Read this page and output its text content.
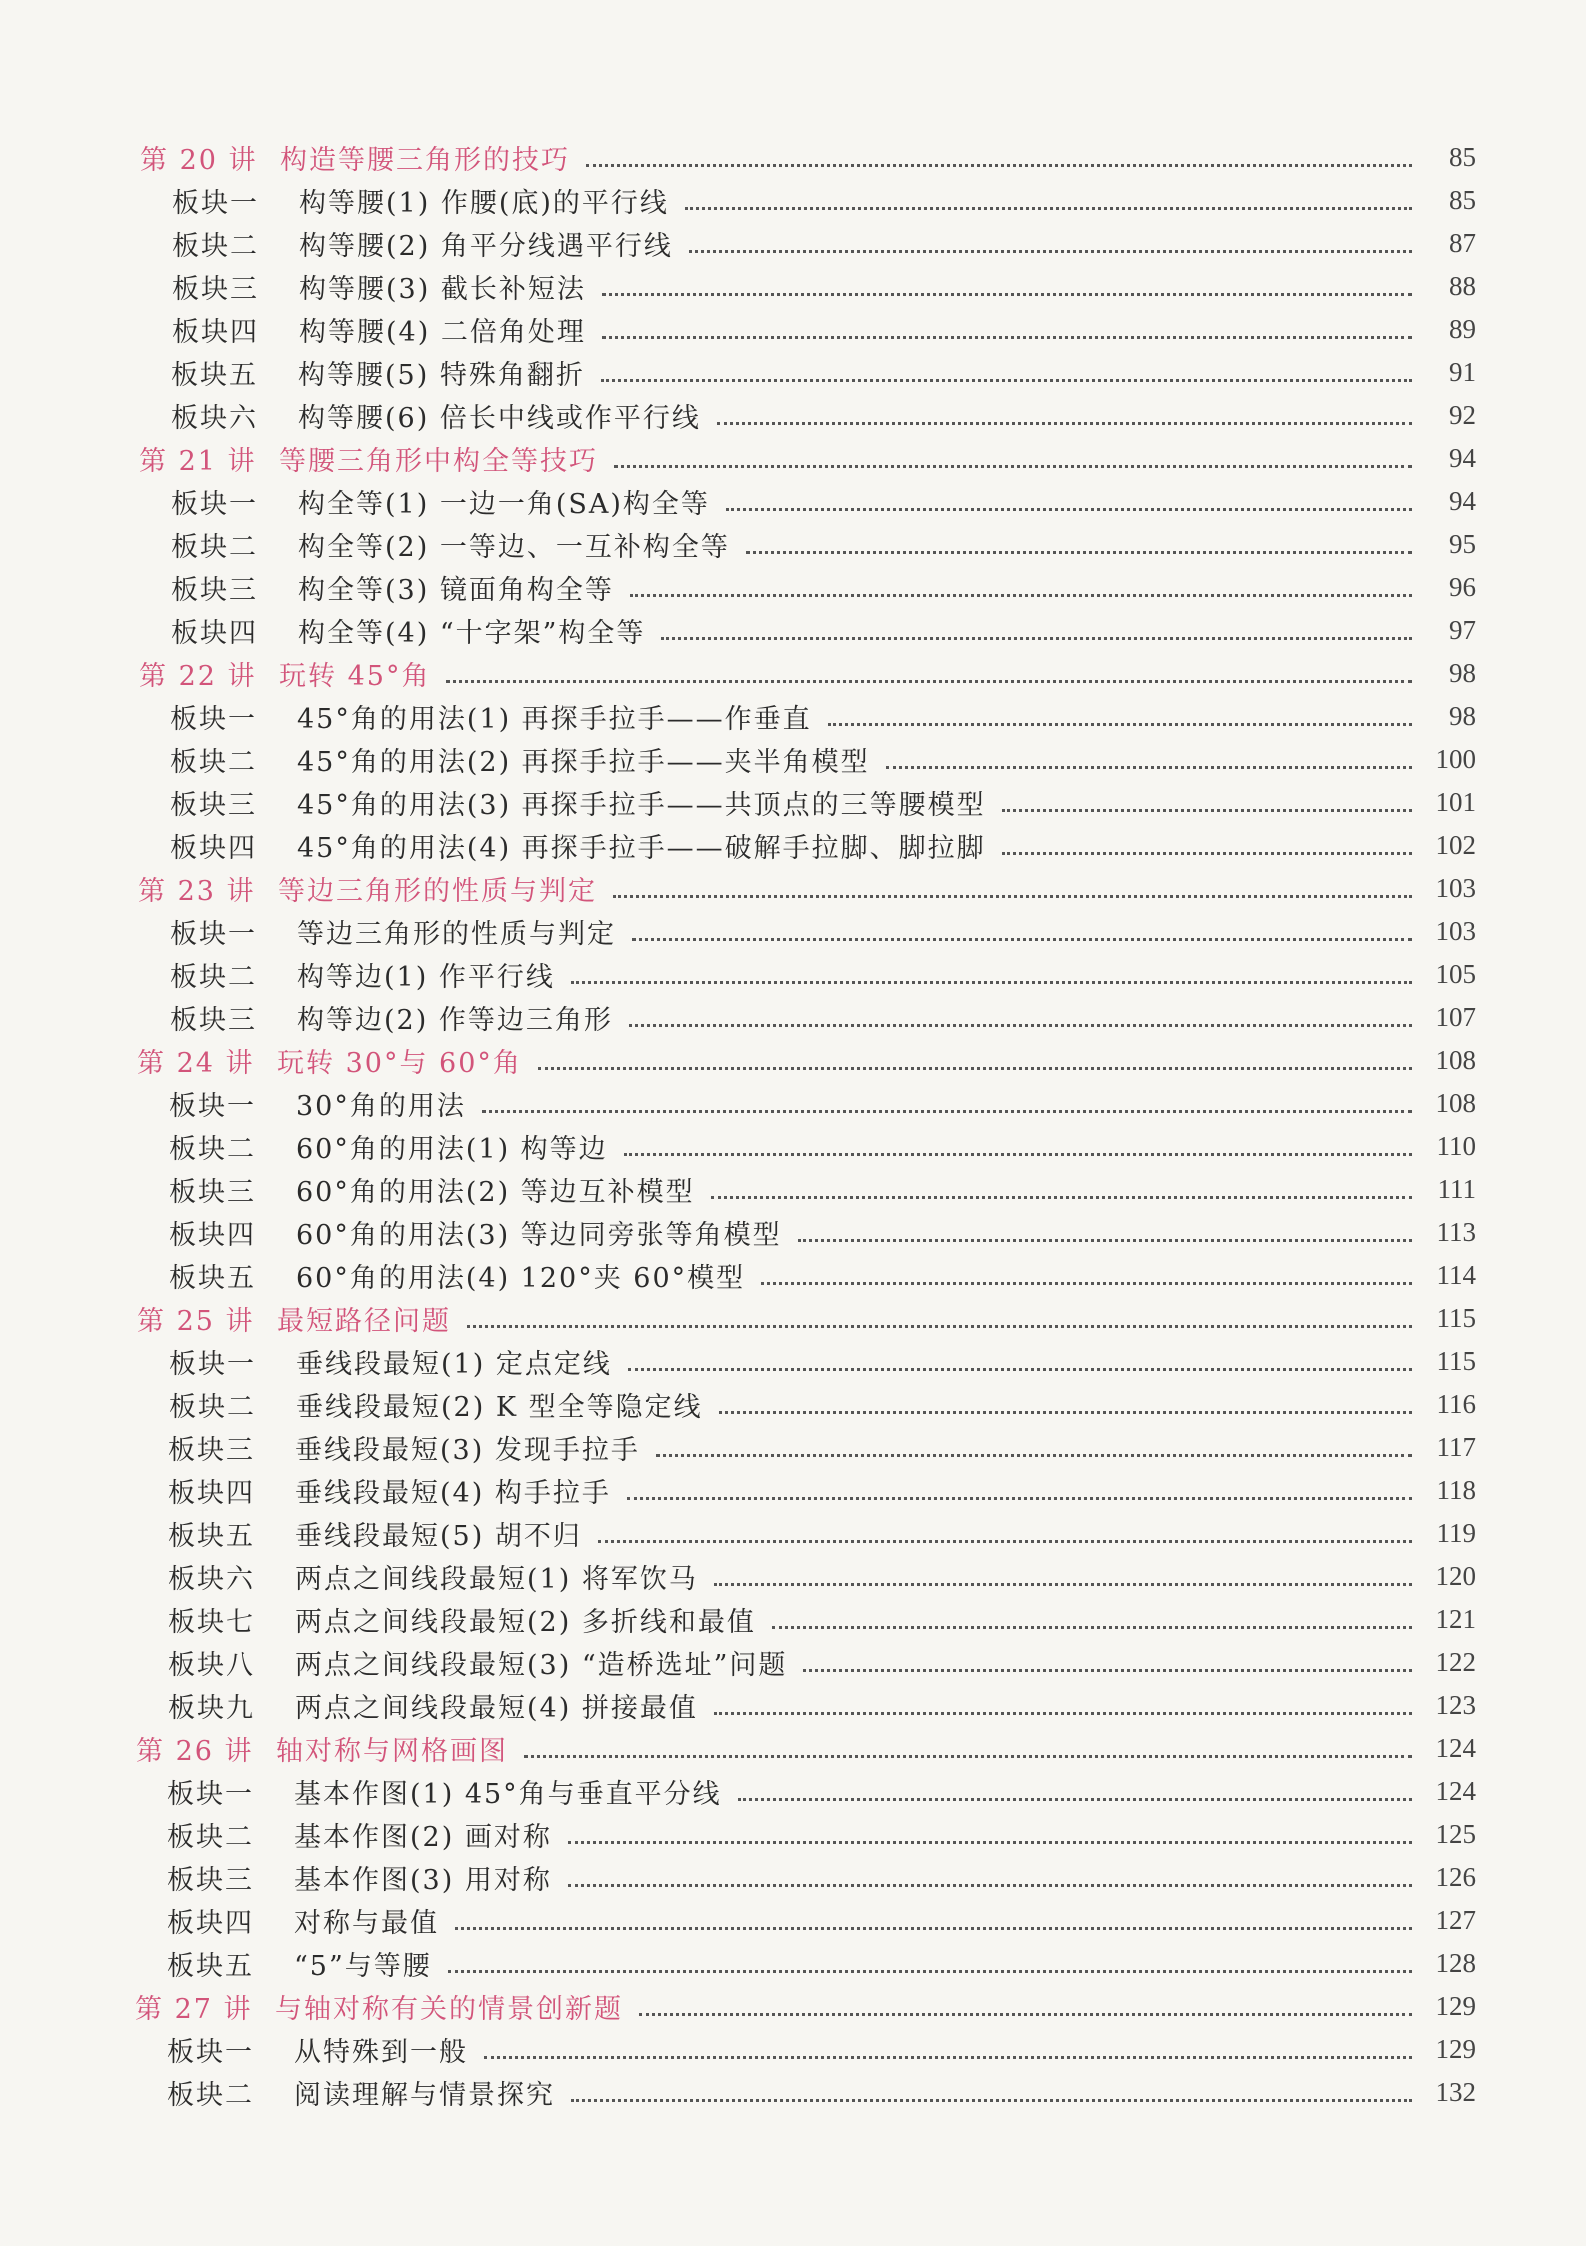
第 20 讲 构造等腰三角形的技巧	85
板块一 构等腰(1) 作腰(底)的平行线	85
板块二 构等腰(2) 角平分线遇平行线	87
板块三 构等腰(3) 截长补短法	88
板块四 构等腰(4) 二倍角处理	89
板块五 构等腰(5) 特殊角翻折	91
板块六 构等腰(6) 倍长中线或作平行线	92
第 21 讲 等腰三角形中构全等技巧	94
板块一 构全等(1) 一边一角(SA)构全等	94
板块二 构全等(2) 一等边、一互补构全等	95
板块三 构全等(3) 镜面角构全等	96
板块四 构全等(4) “十字架”构全等	97
第 22 讲 玩转 45°角	98
板块一 45°角的用法(1) 再探手拉手——作垂直	98
板块二 45°角的用法(2) 再探手拉手——夹半角模型	100
板块三 45°角的用法(3) 再探手拉手——共顶点的三等腰模型	101
板块四 45°角的用法(4) 再探手拉手——破解手拉脚、脚拉脚	102
第 23 讲 等边三角形的性质与判定	103
板块一 等边三角形的性质与判定	103
板块二 构等边(1) 作平行线	105
板块三 构等边(2) 作等边三角形	107
第 24 讲 玩转 30°与 60°角	108
板块一 30°角的用法	108
板块二 60°角的用法(1) 构等边	110
板块三 60°角的用法(2) 等边互补模型	111
板块四 60°角的用法(3) 等边同旁张等角模型	113
板块五 60°角的用法(4) 120°夹 60°模型	114
第 25 讲 最短路径问题	115
板块一 垂线段最短(1) 定点定线	115
板块二 垂线段最短(2) K 型全等隐定线	116
板块三 垂线段最短(3) 发现手拉手	117
板块四 垂线段最短(4) 构手拉手	118
板块五 垂线段最短(5) 胡不归	119
板块六 两点之间线段最短(1) 将军饮马	120
板块七 两点之间线段最短(2) 多折线和最值	121
板块八 两点之间线段最短(3) “造桥选址”问题	122
板块九 两点之间线段最短(4) 拼接最值	123
第 26 讲 轴对称与网格画图	124
板块一 基本作图(1) 45°角与垂直平分线	124
板块二 基本作图(2) 画对称	125
板块三 基本作图(3) 用对称	126
板块四 对称与最值	127
板块五 “5”与等腰	128
第 27 讲 与轴对称有关的情景创新题	129
板块一 从特殊到一般	129
板块二 阅读理解与情景探究	132
